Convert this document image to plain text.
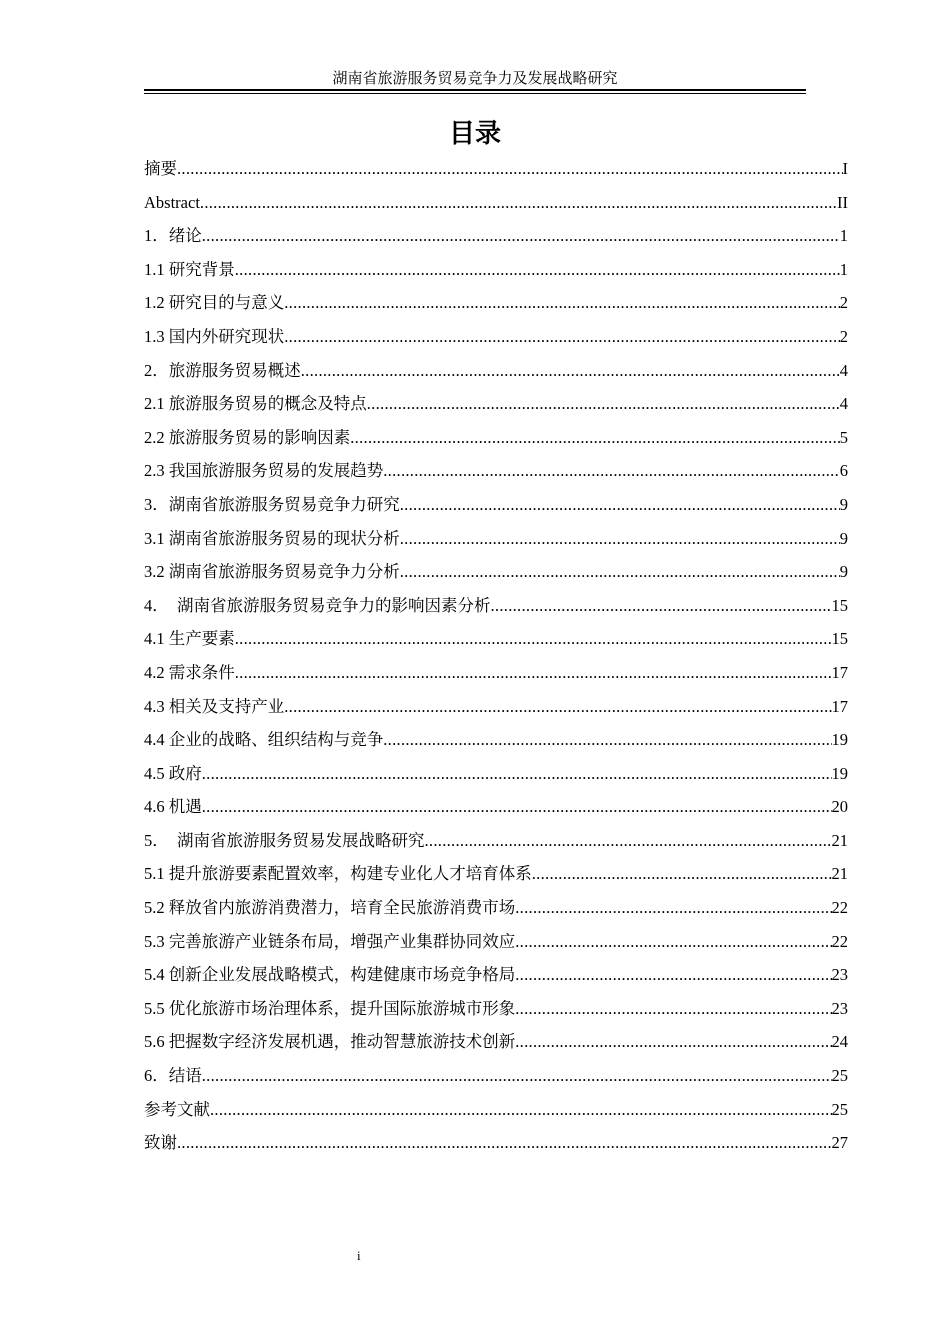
湖南省旅游服务贸易竞争力及发展战略研究
目录
摘要 .....	I
Abstract .....	II
1．绪论 .....	1
1.1 研究背景 .....	1
1.2 研究目的与意义 .....	2
1.3 国内外研究现状 .....	2
2．旅游服务贸易概述 .....	4
2.1 旅游服务贸易的概念及特点 .....	4
2.2 旅游服务贸易的影响因素 .....	5
2.3 我国旅游服务贸易的发展趋势 .....	6
3．湖南省旅游服务贸易竞争力研究 .....	9
3.1 湖南省旅游服务贸易的现状分析 .....	9
3.2 湖南省旅游服务贸易竞争力分析 .....	9
4．  湖南省旅游服务贸易竞争力的影响因素分析 .....	15
4.1 生产要素 .....	15
4.2 需求条件 .....	17
4.3 相关及支持产业 .....	17
4.4 企业的战略、组织结构与竞争 .....	19
4.5 政府 .....	19
4.6 机遇 .....	20
5．  湖南省旅游服务贸易发展战略研究 .....	21
5.1 提升旅游要素配置效率，构建专业化人才培育体系 .....	21
5.2 释放省内旅游消费潜力，培育全民旅游消费市场 .....	22
5.3 完善旅游产业链条布局，增强产业集群协同效应 .....	22
5.4 创新企业发展战略模式，构建健康市场竞争格局 .....	23
5.5 优化旅游市场治理体系，提升国际旅游城市形象 .....	23
5.6 把握数字经济发展机遇，推动智慧旅游技术创新 .....	24
6．结语 .....	25
参考文献 .....	25
致谢 .....	27
i
